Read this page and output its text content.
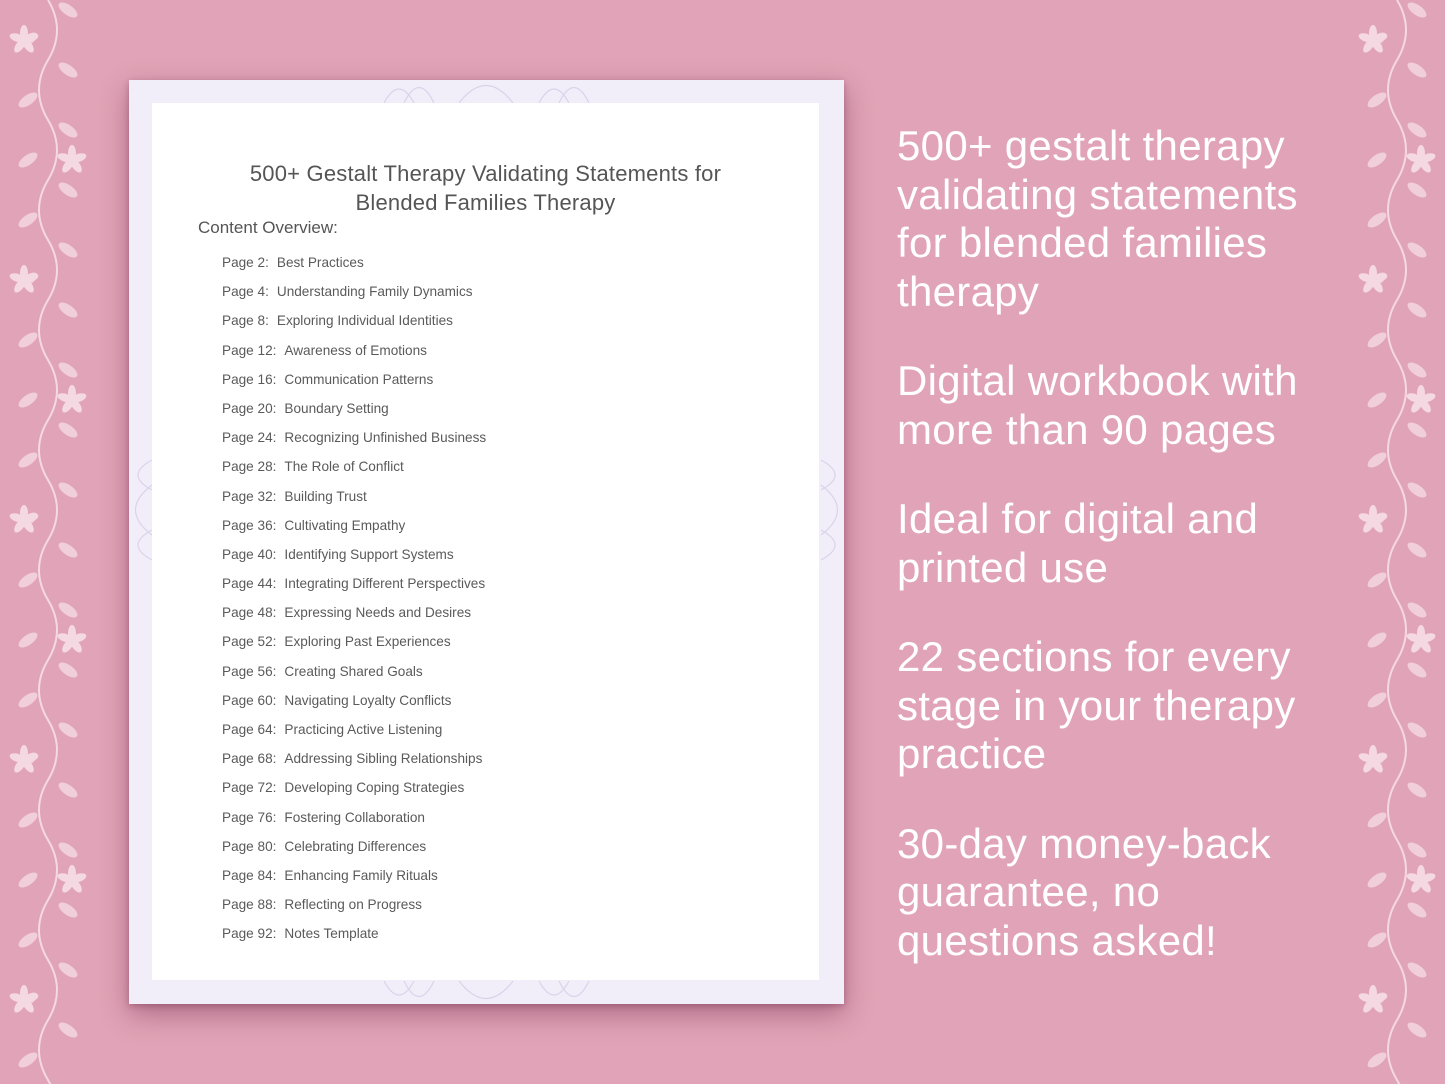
500+ Gestalt Therapy Validating Statements for
Blended Families Therapy
Content Overview:
Page 2: Best Practices
Page 4: Understanding Family Dynamics
Page 8: Exploring Individual Identities
Page 12: Awareness of Emotions
Page 16: Communication Patterns
Page 20: Boundary Setting
Page 24: Recognizing Unfinished Business
Page 28: The Role of Conflict
Page 32: Building Trust
Page 36: Cultivating Empathy
Page 40: Identifying Support Systems
Page 44: Integrating Different Perspectives
Page 48: Expressing Needs and Desires
Page 52: Exploring Past Experiences
Page 56: Creating Shared Goals
Page 60: Navigating Loyalty Conflicts
Page 64: Practicing Active Listening
Page 68: Addressing Sibling Relationships
Page 72: Developing Coping Strategies
Page 76: Fostering Collaboration
Page 80: Celebrating Differences
Page 84: Enhancing Family Rituals
Page 88: Reflecting on Progress
Page 92: Notes Template
500+ gestalt therapy
validating statements
for blended families
therapy
Digital workbook with
more than 90 pages
Ideal for digital and
printed use
22 sections for every
stage in your therapy
practice
30-day money-back
guarantee, no
questions asked!
